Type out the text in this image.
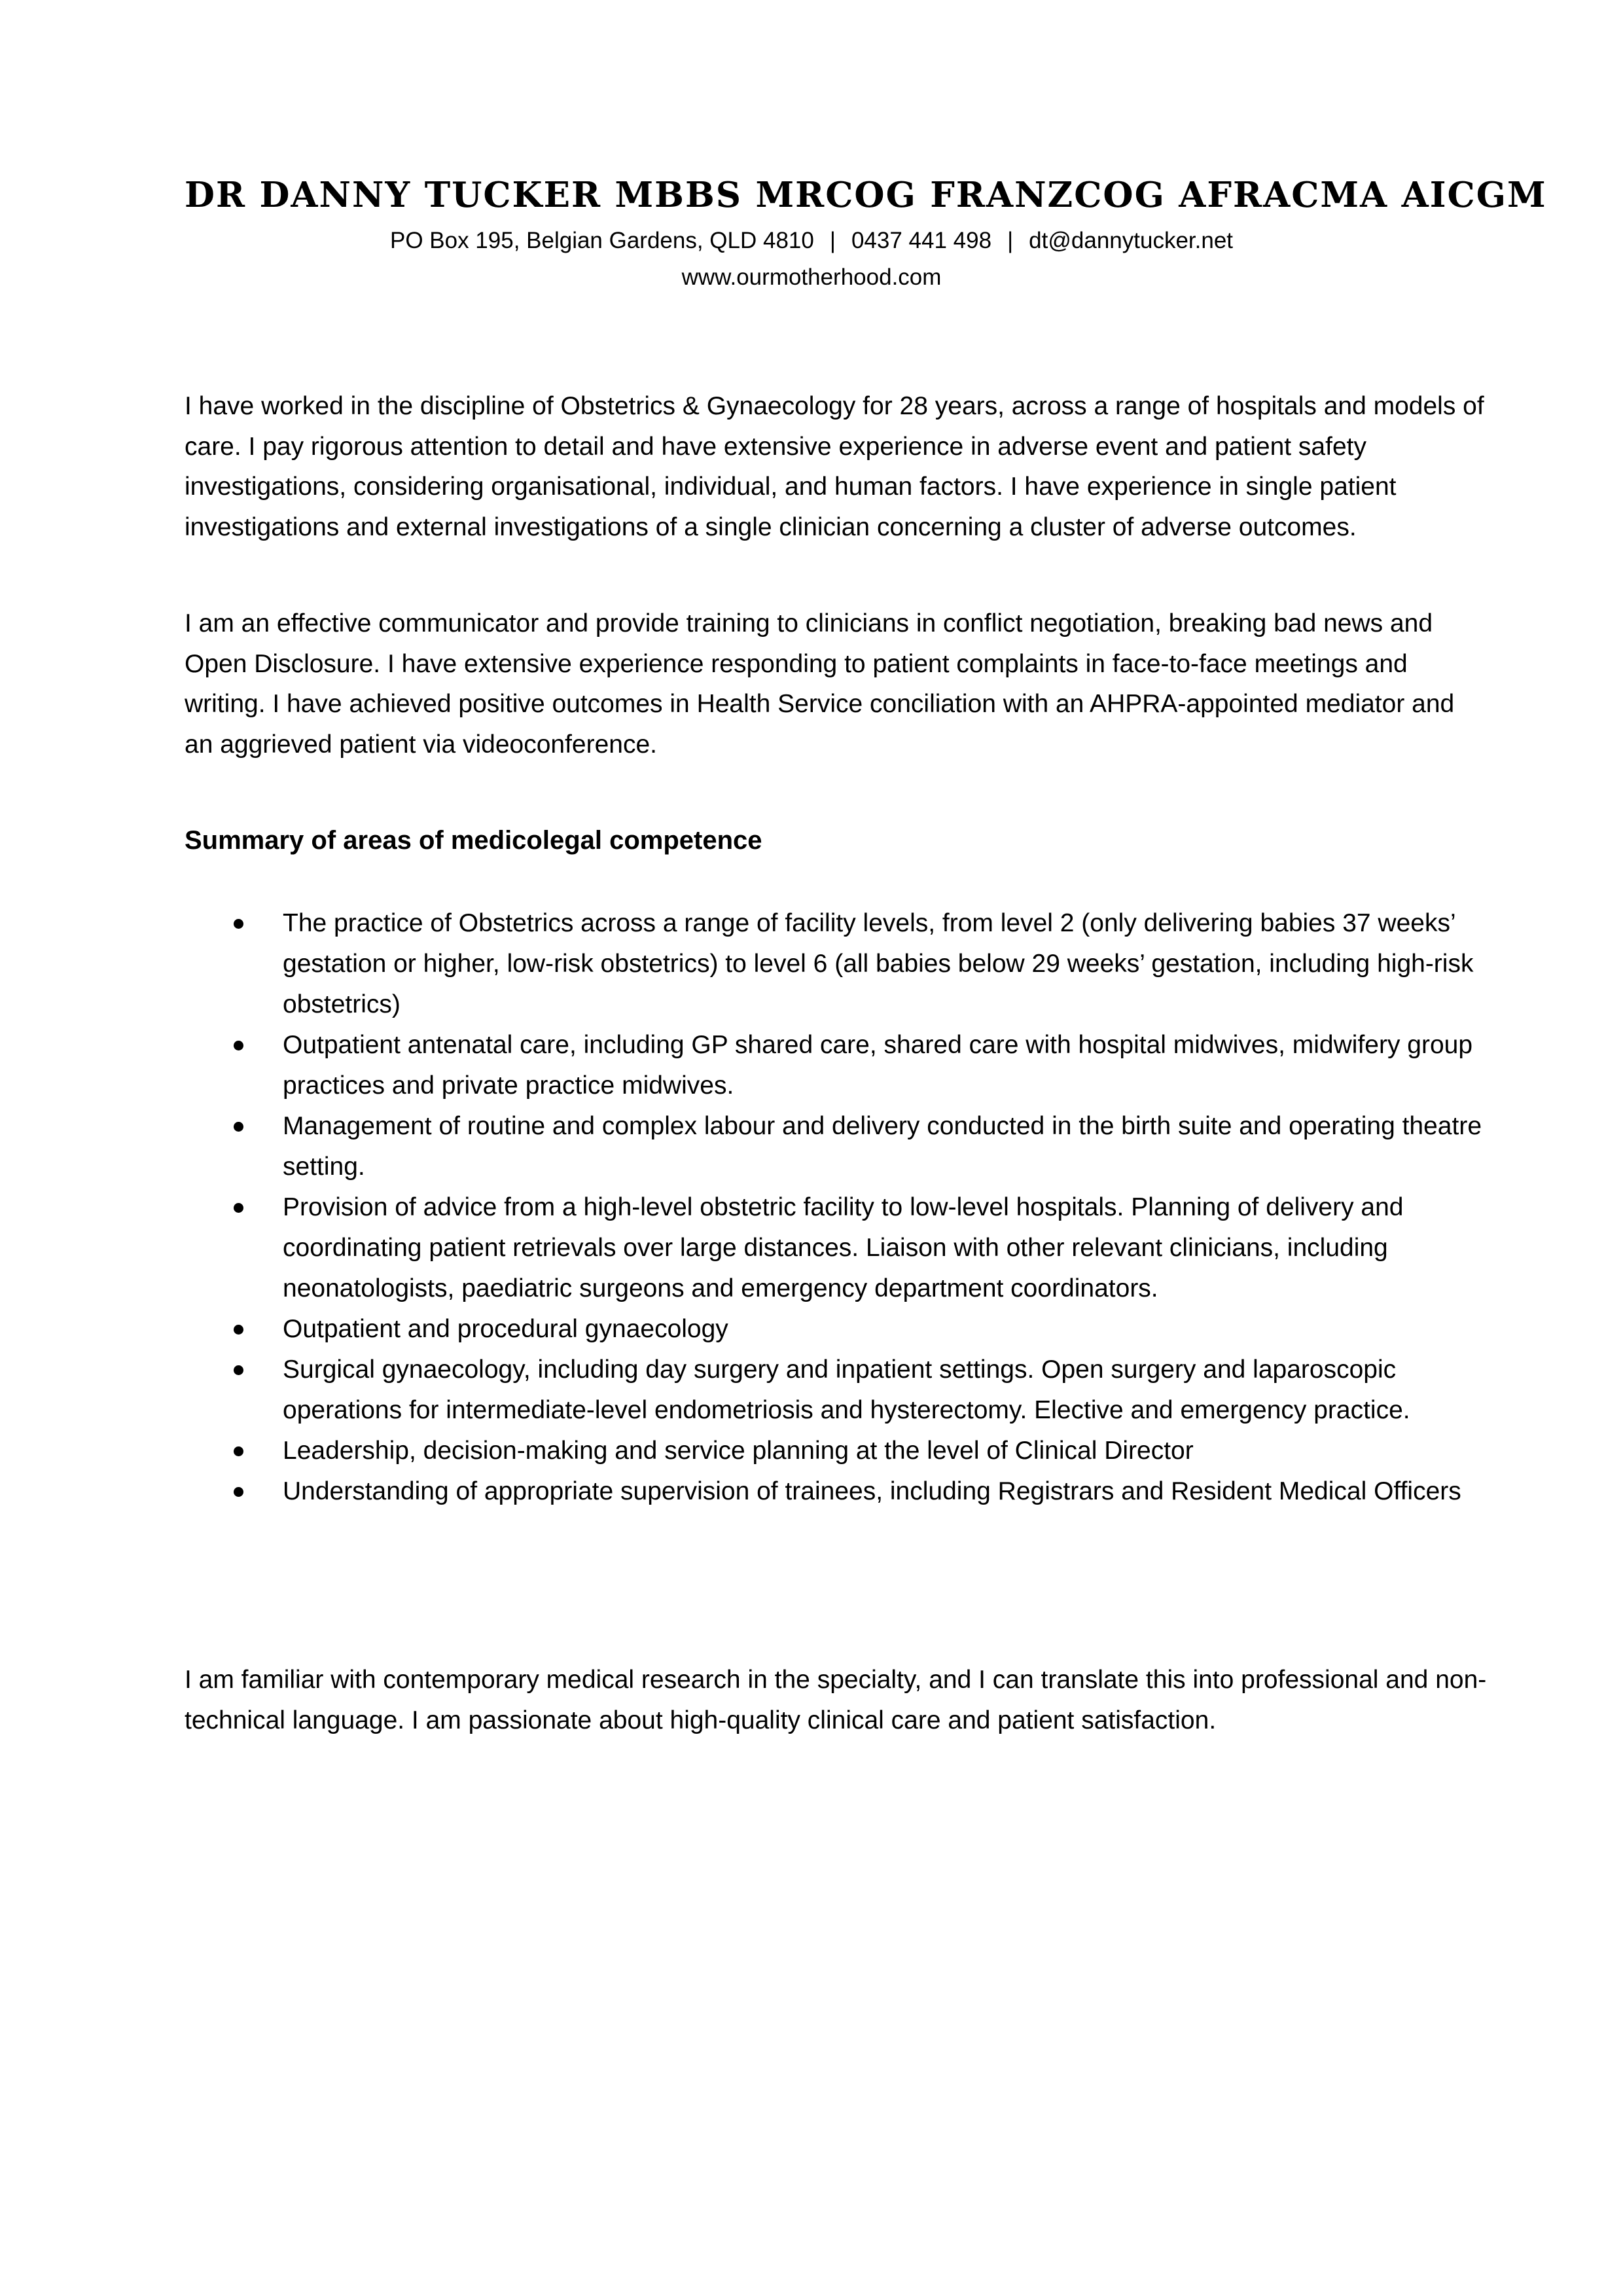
DR DANNY TUCKER MBBS MRCOG FRANZCOG AFRACMA AICGM
PO Box 195, Belgian Gardens, QLD 4810 | 0437 441 498 | dt@dannytucker.net
www.ourmotherhood.com

I have worked in the discipline of Obstetrics & Gynaecology for 28 years, across a range of hospitals and models of care. I pay rigorous attention to detail and have extensive experience in adverse event and patient safety investigations, considering organisational, individual, and human factors. I have experience in single patient investigations and external investigations of a single clinician concerning a cluster of adverse outcomes.

I am an effective communicator and provide training to clinicians in conflict negotiation, breaking bad news and Open Disclosure. I have extensive experience responding to patient complaints in face-to-face meetings and writing. I have achieved positive outcomes in Health Service conciliation with an AHPRA-appointed mediator and an aggrieved patient via videoconference.

Summary of areas of medicolegal competence
The practice of Obstetrics across a range of facility levels, from level 2 (only delivering babies 37 weeks’ gestation or higher, low-risk obstetrics) to level 6 (all babies below 29 weeks’ gestation, including high-risk obstetrics)
Outpatient antenatal care, including GP shared care, shared care with hospital midwives, midwifery group practices and private practice midwives.
Management of routine and complex labour and delivery conducted in the birth suite and operating theatre setting.
Provision of advice from a high-level obstetric facility to low-level hospitals. Planning of delivery and coordinating patient retrievals over large distances. Liaison with other relevant clinicians, including neonatologists, paediatric surgeons and emergency department coordinators.
Outpatient and procedural gynaecology
Surgical gynaecology, including day surgery and inpatient settings. Open surgery and laparoscopic operations for intermediate-level endometriosis and hysterectomy. Elective and emergency practice.
Leadership, decision-making and service planning at the level of Clinical Director
Understanding of appropriate supervision of trainees, including Registrars and Resident Medical Officers

I am familiar with contemporary medical research in the specialty, and I can translate this into professional and non-technical language. I am passionate about high-quality clinical care and patient satisfaction.
